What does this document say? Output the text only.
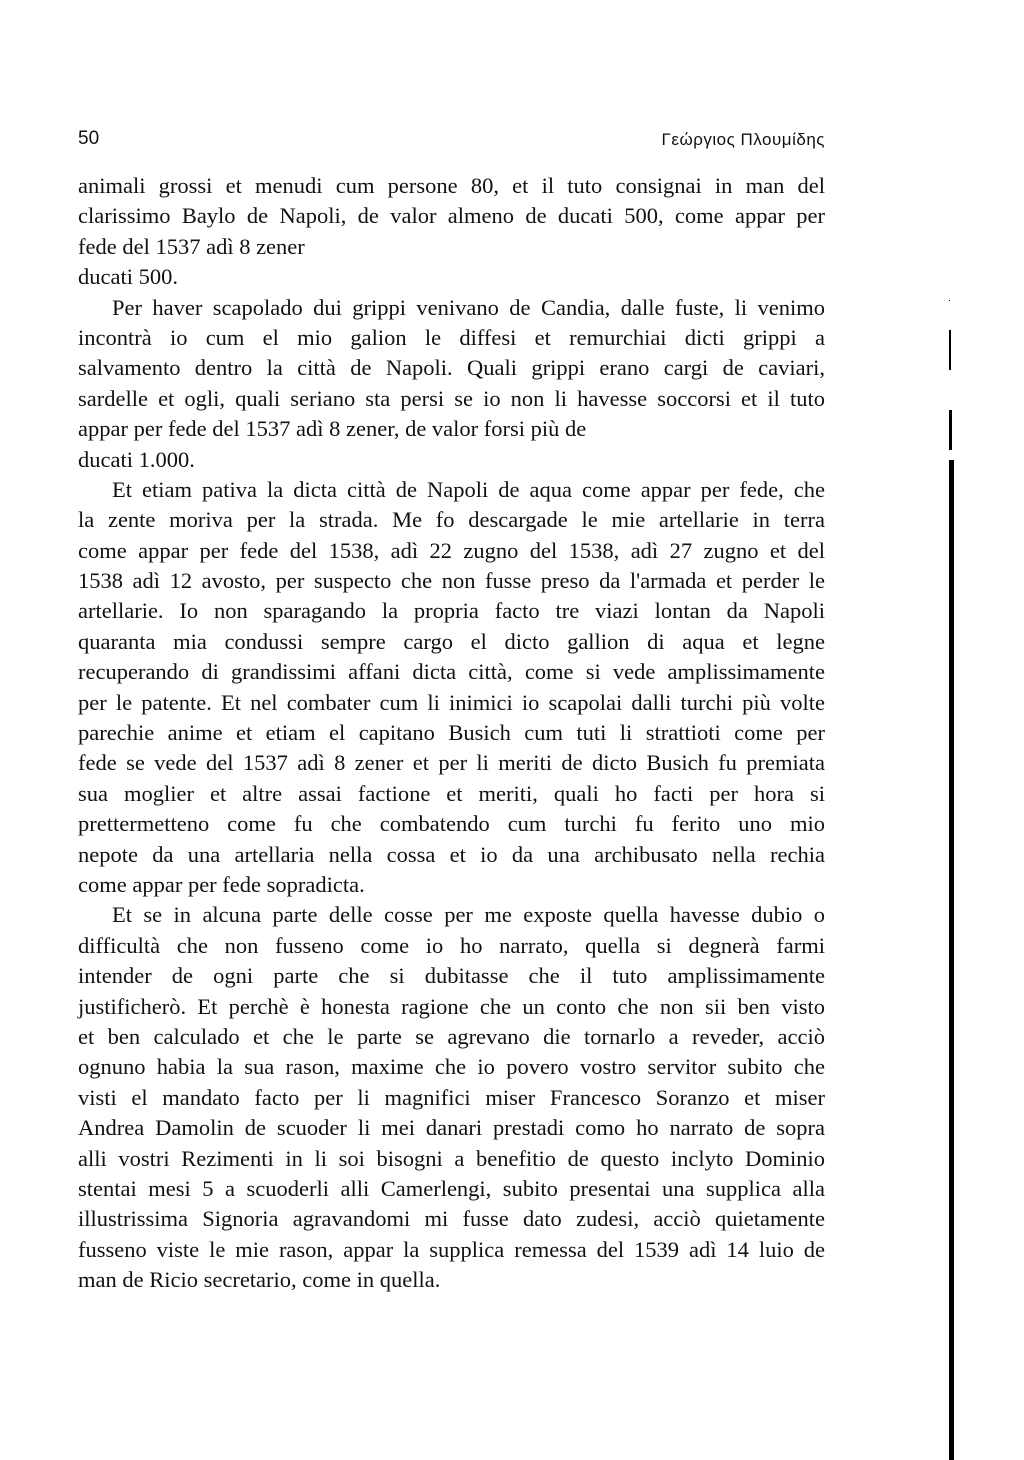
50	Γεώργιος Πλουμίδης
animali grossi et menudi cum persone 80, et il tuto consignai in man del
clarissimo Baylo de Napoli, de valor almeno de ducati 500, come appar per
fede del 1537 adì 8 zener
ducati 500.
Per haver scapolado dui grippi venivano de Candia, dalle fuste, li venimo
incontrà io cum el mio galion le diffesi et remurchiai dicti grippi a
salvamento dentro la città de Napoli. Quali grippi erano cargi de caviari,
sardelle et ogli, quali seriano sta persi se io non li havesse soccorsi et il tuto
appar per fede del 1537 adì 8 zener, de valor forsi più de
ducati 1.000.
Et etiam pativa la dicta città de Napoli de aqua come appar per fede, che
la zente moriva per la strada. Me fo descargade le mie artellarie in terra
come appar per fede del 1538, adì 22 zugno del 1538, adì 27 zugno et del
1538 adì 12 avosto, per suspecto che non fusse preso da l'armada et perder le
artellarie. Io non sparagando la propria facto tre viazi lontan da Napoli
quaranta mia condussi sempre cargo el dicto gallion di aqua et legne
recuperando di grandissimi affani dicta città, come si vede amplissimamente
per le patente. Et nel combater cum li inimici io scapolai dalli turchi più volte
parechie anime et etiam el capitano Busich cum tuti li strattioti come per
fede se vede del 1537 adì 8 zener et per li meriti de dicto Busich fu premiata
sua moglier et altre assai factione et meriti, quali ho facti per hora si
prettermetteno come fu che combatendo cum turchi fu ferito uno mio
nepote da una artellaria nella cossa et io da una archibusato nella rechia
come appar per fede sopradicta.
Et se in alcuna parte delle cosse per me exposte quella havesse dubio o
difficultà che non fusseno come io ho narrato, quella si degnerà farmi
intender de ogni parte che si dubitasse che il tuto amplissimamente
justificherò. Et perchè è honesta ragione che un conto che non sii ben visto
et ben calculado et che le parte se agrevano die tornarlo a reveder, acciò
ognuno habia la sua rason, maxime che io povero vostro servitor subito che
visti el mandato facto per li magnifici miser Francesco Soranzo et miser
Andrea Damolin de scuoder li mei danari prestadi como ho narrato de sopra
alli vostri Rezimenti in li soi bisogni a benefitio de questo inclyto Dominio
stentai mesi 5 a scuoderli alli Camerlengi, subito presentai una supplica alla
illustrissima Signoria agravandomi mi fusse dato zudesi, acciò quietamente
fusseno viste le mie rason, appar la supplica remessa del 1539 adì 14 luio de
man de Ricio secretario, come in quella.
